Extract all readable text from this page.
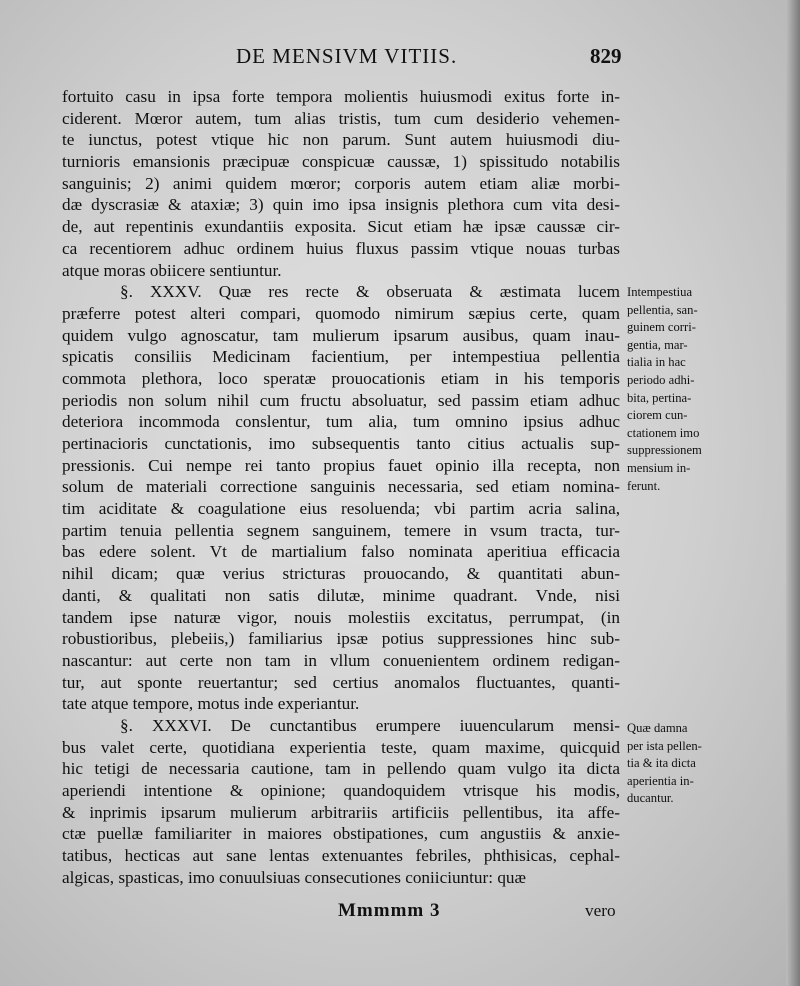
DE MENSIVM VITIIS.	829
fortuito casu in ipsa forte tempora molientis huiusmodi exitus forte in-
ciderent. Mœror autem, tum alias tristis, tum cum desiderio vehemen-
te iunctus, potest vtique hic non parum. Sunt autem huiusmodi diu-
turnioris emansionis præcipuæ conspicuæ caussæ, 1) spissitudo notabilis
sanguinis; 2) animi quidem mœror; corporis autem etiam aliæ morbi-
dæ dyscrasiæ & ataxiæ; 3) quin imo ipsa insignis plethora cum vita desi-
de, aut repentinis exundantiis exposita. Sicut etiam hæ ipsæ caussæ cir-
ca recentiorem adhuc ordinem huius fluxus passim vtique nouas turbas
atque moras obiicere sentiuntur.
§. XXXV. Quæ res recte & obseruata & æstimata lucem
præferre potest alteri compari, quomodo nimirum sæpius certe, quam
quidem vulgo agnoscatur, tam mulierum ipsarum ausibus, quam inau-
spicatis consiliis Medicinam facientium, per intempestiua pellentia
commota plethora, loco speratæ prouocationis etiam in his temporis
periodis non solum nihil cum fructu absoluatur, sed passim etiam adhuc
deteriora incommoda conslentur, tum alia, tum omnino ipsius adhuc
pertinacioris cunctationis, imo subsequentis tanto citius actualis sup-
pressionis. Cui nempe rei tanto propius fauet opinio illa recepta, non
solum de materiali correctione sanguinis necessaria, sed etiam nomina-
tim aciditate & coagulatione eius resoluenda; vbi partim acria salina,
partim tenuia pellentia segnem sanguinem, temere in vsum tracta, tur-
bas edere solent. Vt de martialium falso nominata aperitiua efficacia
nihil dicam; quæ verius stricturas prouocando, & quantitati abun-
danti, & qualitati non satis dilutæ, minime quadrant. Vnde, nisi
tandem ipse naturæ vigor, nouis molestiis excitatus, perrumpat, (in
robustioribus, plebeiis,) familiarius ipsæ potius suppressiones hinc sub-
nascantur: aut certe non tam in vllum conuenientem ordinem redigan-
tur, aut sponte reuertantur; sed certius anomalos fluctuantes, quanti-
tate atque tempore, motus inde experiantur.
§. XXXVI. De cunctantibus erumpere iuuencularum mensi-
bus valet certe, quotidiana experientia teste, quam maxime, quicquid
hic tetigi de necessaria cautione, tam in pellendo quam vulgo ita dicta
aperiendi intentione & opinione; quandoquidem vtrisque his modis,
& inprimis ipsarum mulierum arbitrariis artificiis pellentibus, ita affe-
ctæ puellæ familiariter in maiores obstipationes, cum angustiis & anxie-
tatibus, hecticas aut sane lentas extenuantes febriles, phthisicas, cephal-
algicas, spasticas, imo conuulsiuas consecutiones coniiciuntur: quæ
Intempestiua
pellentia, san-
guinem corri-
gentia, mar-
tialia in hac
periodo adhi-
bita, pertina-
ciorem cun-
ctationem imo
suppressionem
mensium in-
ferunt.
Quæ damna
per ista pellen-
tia & ita dicta
aperientia in-
ducantur.
Mmmmm 3	vero
